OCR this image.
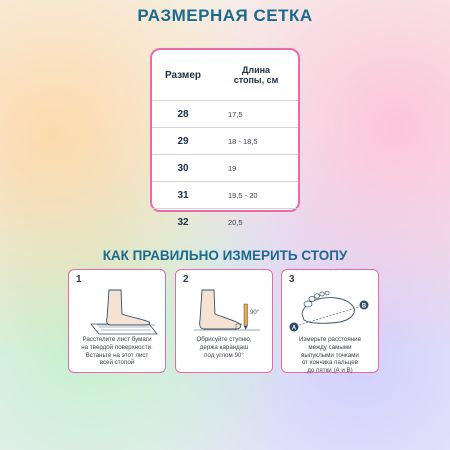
РАЗМЕРНАЯ СЕТКА
Размер	Длина
стопы, см
28	17,5
29	18 - 18,5
30	19
31	19,5 - 20
32	20,5
КАК ПРАВИЛЬНО ИЗМЕРИТЬ СТОПУ
1
Расстелите лист бумаги
на твердой поверхности.
Встаньте на этот лист
всей стопой
2
90°
Обрисуйте ступню,
держа карандаш
под углом 90°
3
A
B
Измерьте расстояние
между самыми
выпуклыми точками
от кончика пальцев
до пятки (А и В)
